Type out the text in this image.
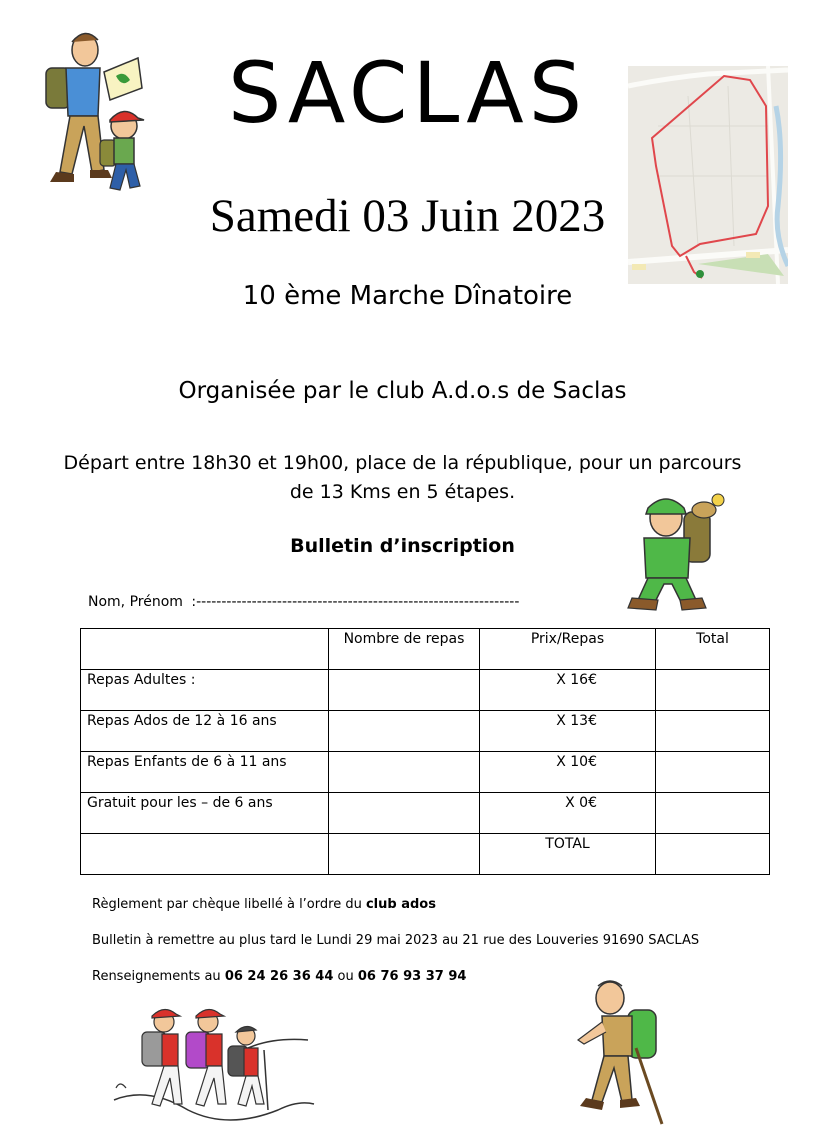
SACLAS
Samedi 03 Juin 2023
10 ème Marche Dînatoire
Organisée par le club A.d.o.s de Saclas
Départ entre 18h30 et 19h00, place de la république, pour un parcours
de 13 Kms en 5 étapes.
Bulletin d’inscription
Nom, Prénom :----------------------------------------------------------------
	Nombre de repas	Prix/Repas	Total
Repas Adultes :		X 16€	
Repas Ados de 12 à 16 ans		X 13€	
Repas Enfants de 6 à 11 ans		X 10€	
Gratuit pour les – de 6 ans		X 0€	
		TOTAL	
Règlement par chèque libellé à l’ordre du club ados
Bulletin à remettre au plus tard le Lundi 29 mai 2023 au 21 rue des Louveries 91690 SACLAS
Renseignements au 06 24 26 36 44 ou 06 76 93 37 94
